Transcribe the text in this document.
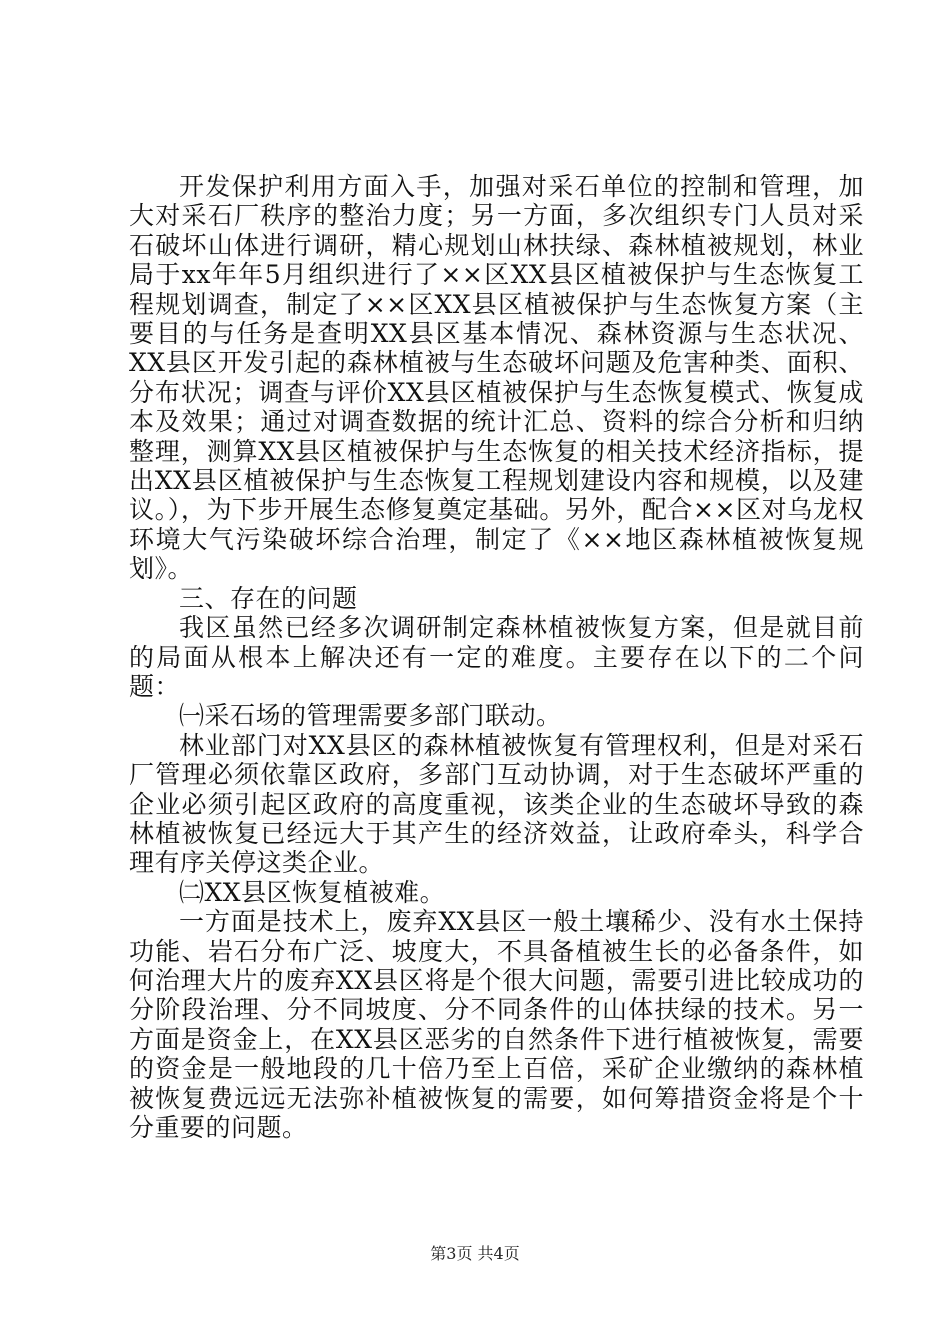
开发保护利用方面入手，加强对采石单位的控制和管理，加大对采石厂秩序的整治力度；另一方面，多次组织专门人员对采石破坏山体进行调研，精心规划山林扶绿、森林植被规划，林业局于xx年年5月组织进行了××区XX县区植被保护与生态恢复工程规划调查，制定了××区XX县区植被保护与生态恢复方案（主要目的与任务是查明XX县区基本情况、森林资源与生态状况、XX县区开发引起的森林植被与生态破坏问题及危害种类、面积、分布状况；调查与评价XX县区植被保护与生态恢复模式、恢复成本及效果；通过对调查数据的统计汇总、资料的综合分析和归纳整理，测算XX县区植被保护与生态恢复的相关技术经济指标，提出XX县区植被保护与生态恢复工程规划建设内容和规模，以及建议。），为下步开展生态修复奠定基础。另外，配合××区对乌龙权环境大气污染破坏综合治理，制定了《××地区森林植被恢复规划》。

三、存在的问题

我区虽然已经多次调研制定森林植被恢复方案，但是就目前的局面从根本上解决还有一定的难度。主要存在以下的二个问题：

㈠采石场的管理需要多部门联动。

林业部门对XX县区的森林植被恢复有管理权利，但是对采石厂管理必须依靠区政府，多部门互动协调，对于生态破坏严重的企业必须引起区政府的高度重视，该类企业的生态破坏导致的森林植被恢复已经远大于其产生的经济效益，让政府牵头，科学合理有序关停这类企业。

㈡XX县区恢复植被难。

一方面是技术上，废弃XX县区一般土壤稀少、没有水土保持功能、岩石分布广泛、坡度大，不具备植被生长的必备条件，如何治理大片的废弃XX县区将是个很大问题，需要引进比较成功的分阶段治理、分不同坡度、分不同条件的山体扶绿的技术。另一方面是资金上，在XX县区恶劣的自然条件下进行植被恢复，需要的资金是一般地段的几十倍乃至上百倍，采矿企业缴纳的森林植被恢复费远远无法弥补植被恢复的需要，如何筹措资金将是个十分重要的问题。

第3页 共4页
